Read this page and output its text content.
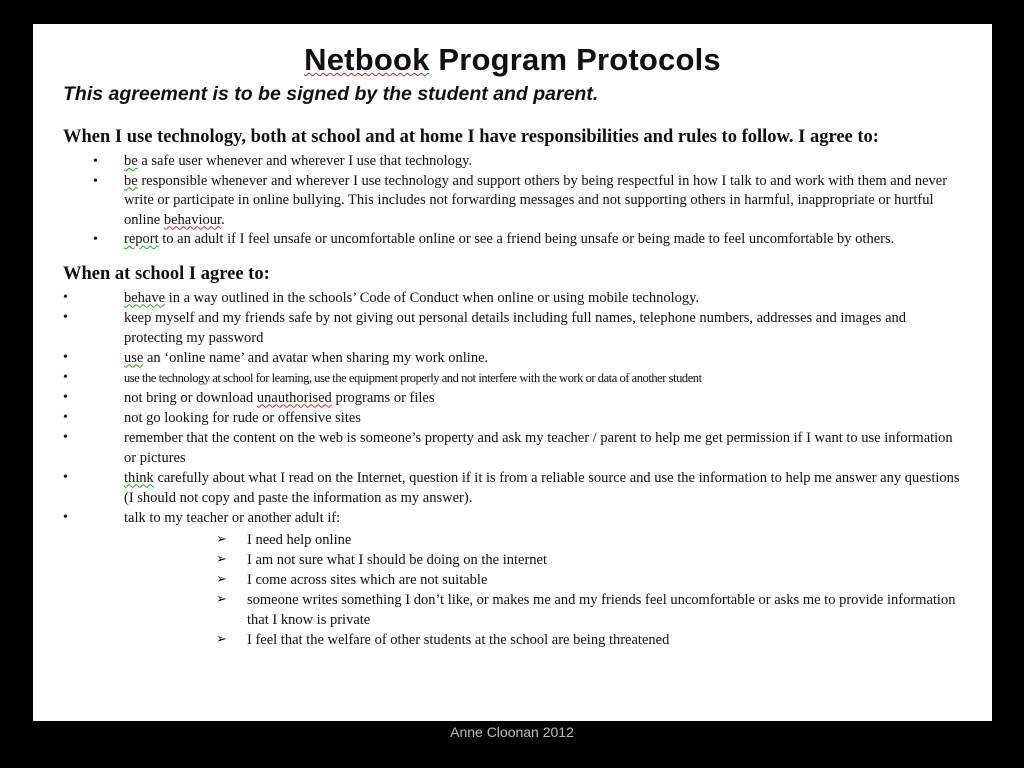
Netbook Program Protocols
This agreement is to be signed by the student and parent.
When I use technology, both at school and at home I have responsibilities and rules to follow. I agree to:
• be a safe user whenever and wherever I use that technology.
• be responsible whenever and wherever I use technology and support others by being respectful in how I talk to and work with them and never write or participate in online bullying. This includes not forwarding messages and not supporting others in harmful, inappropriate or hurtful online behaviour.
• report to an adult if I feel unsafe or uncomfortable online or see a friend being unsafe or being made to feel uncomfortable by others.
When at school I agree to:
•	behave in a way outlined in the schools’ Code of Conduct when online or using mobile technology.
•	keep myself and my friends safe by not giving out personal details including full names, telephone numbers, addresses and images and protecting my password
•	use an ‘online name’ and avatar when sharing my work online.
•	use the technology at school for learning, use the equipment properly and not interfere with the work or data of another student
•	not bring or download unauthorised programs or files
•	not go looking for rude or offensive sites
•	remember that the content on the web is someone’s property and ask my teacher / parent to help me get permission if I want to use information or pictures
•	think carefully about what I read on the Internet, question if it is from a reliable source and use the information to help me answer any questions (I should not copy and paste the information as my answer).
•	talk to my teacher or another adult if:
➢ I need help online
➢ I am not sure what I should be doing on the internet
➢ I come across sites which are not suitable
➢ someone writes something I don’t like, or makes me and my friends feel uncomfortable or asks me to provide information that I know is private
➢ I feel that the welfare of other students at the school are being threatened
Anne Cloonan 2012
